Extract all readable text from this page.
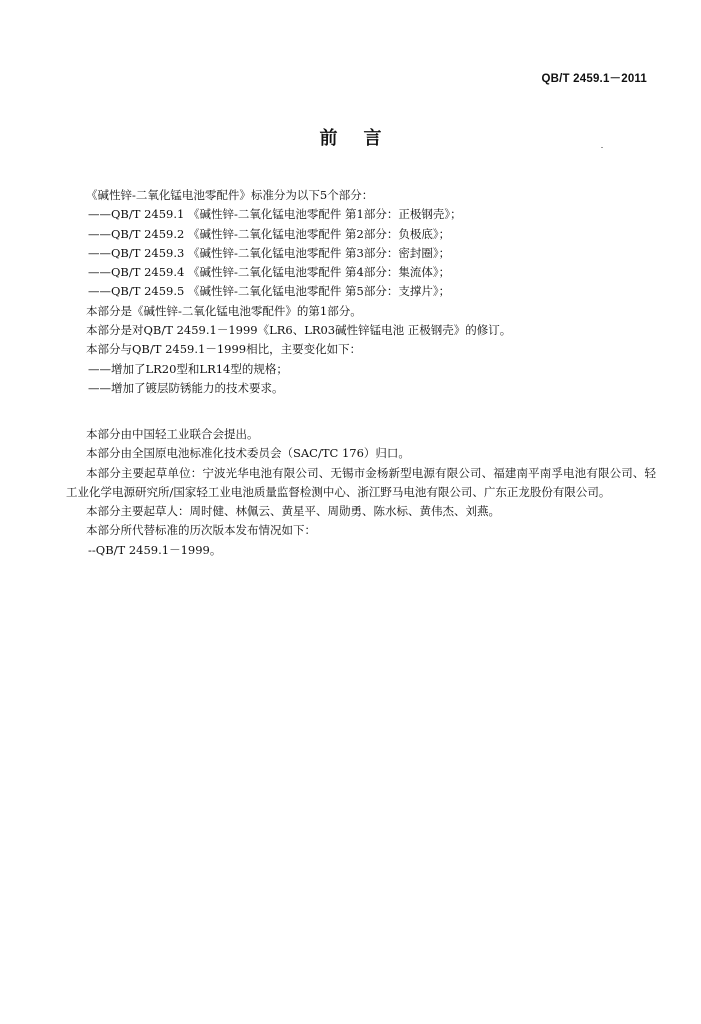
QB/T 2459.1－2011
前言

《碱性锌-二氧化锰电池零配件》标准分为以下5个部分：

——QB/T 2459.1 《碱性锌-二氧化锰电池零配件 第1部分：正极钢壳》；

——QB/T 2459.2 《碱性锌-二氧化锰电池零配件 第2部分：负极底》；

——QB/T 2459.3 《碱性锌-二氧化锰电池零配件 第3部分：密封圈》；

——QB/T 2459.4 《碱性锌-二氧化锰电池零配件 第4部分：集流体》；

——QB/T 2459.5 《碱性锌-二氧化锰电池零配件 第5部分：支撑片》；

本部分是《碱性锌-二氧化锰电池零配件》的第1部分。

本部分是对QB/T 2459.1－1999《LR6、LR03碱性锌锰电池 正极钢壳》的修订。

本部分与QB/T 2459.1－1999相比，主要变化如下：

——增加了LR20型和LR14型的规格；

——增加了镀层防锈能力的技术要求。

本部分由中国轻工业联合会提出。

本部分由全国原电池标准化技术委员会（SAC/TC 176）归口。

本部分主要起草单位：宁波光华电池有限公司、无锡市金杨新型电源有限公司、福建南平南孚电池有限公司、轻工业化学电源研究所/国家轻工业电池质量监督检测中心、浙江野马电池有限公司、广东正龙股份有限公司。

本部分主要起草人：周时健、林佩云、黄星平、周勋勇、陈水标、黄伟杰、刘燕。

本部分所代替标准的历次版本发布情况如下：

--QB/T 2459.1－1999。
